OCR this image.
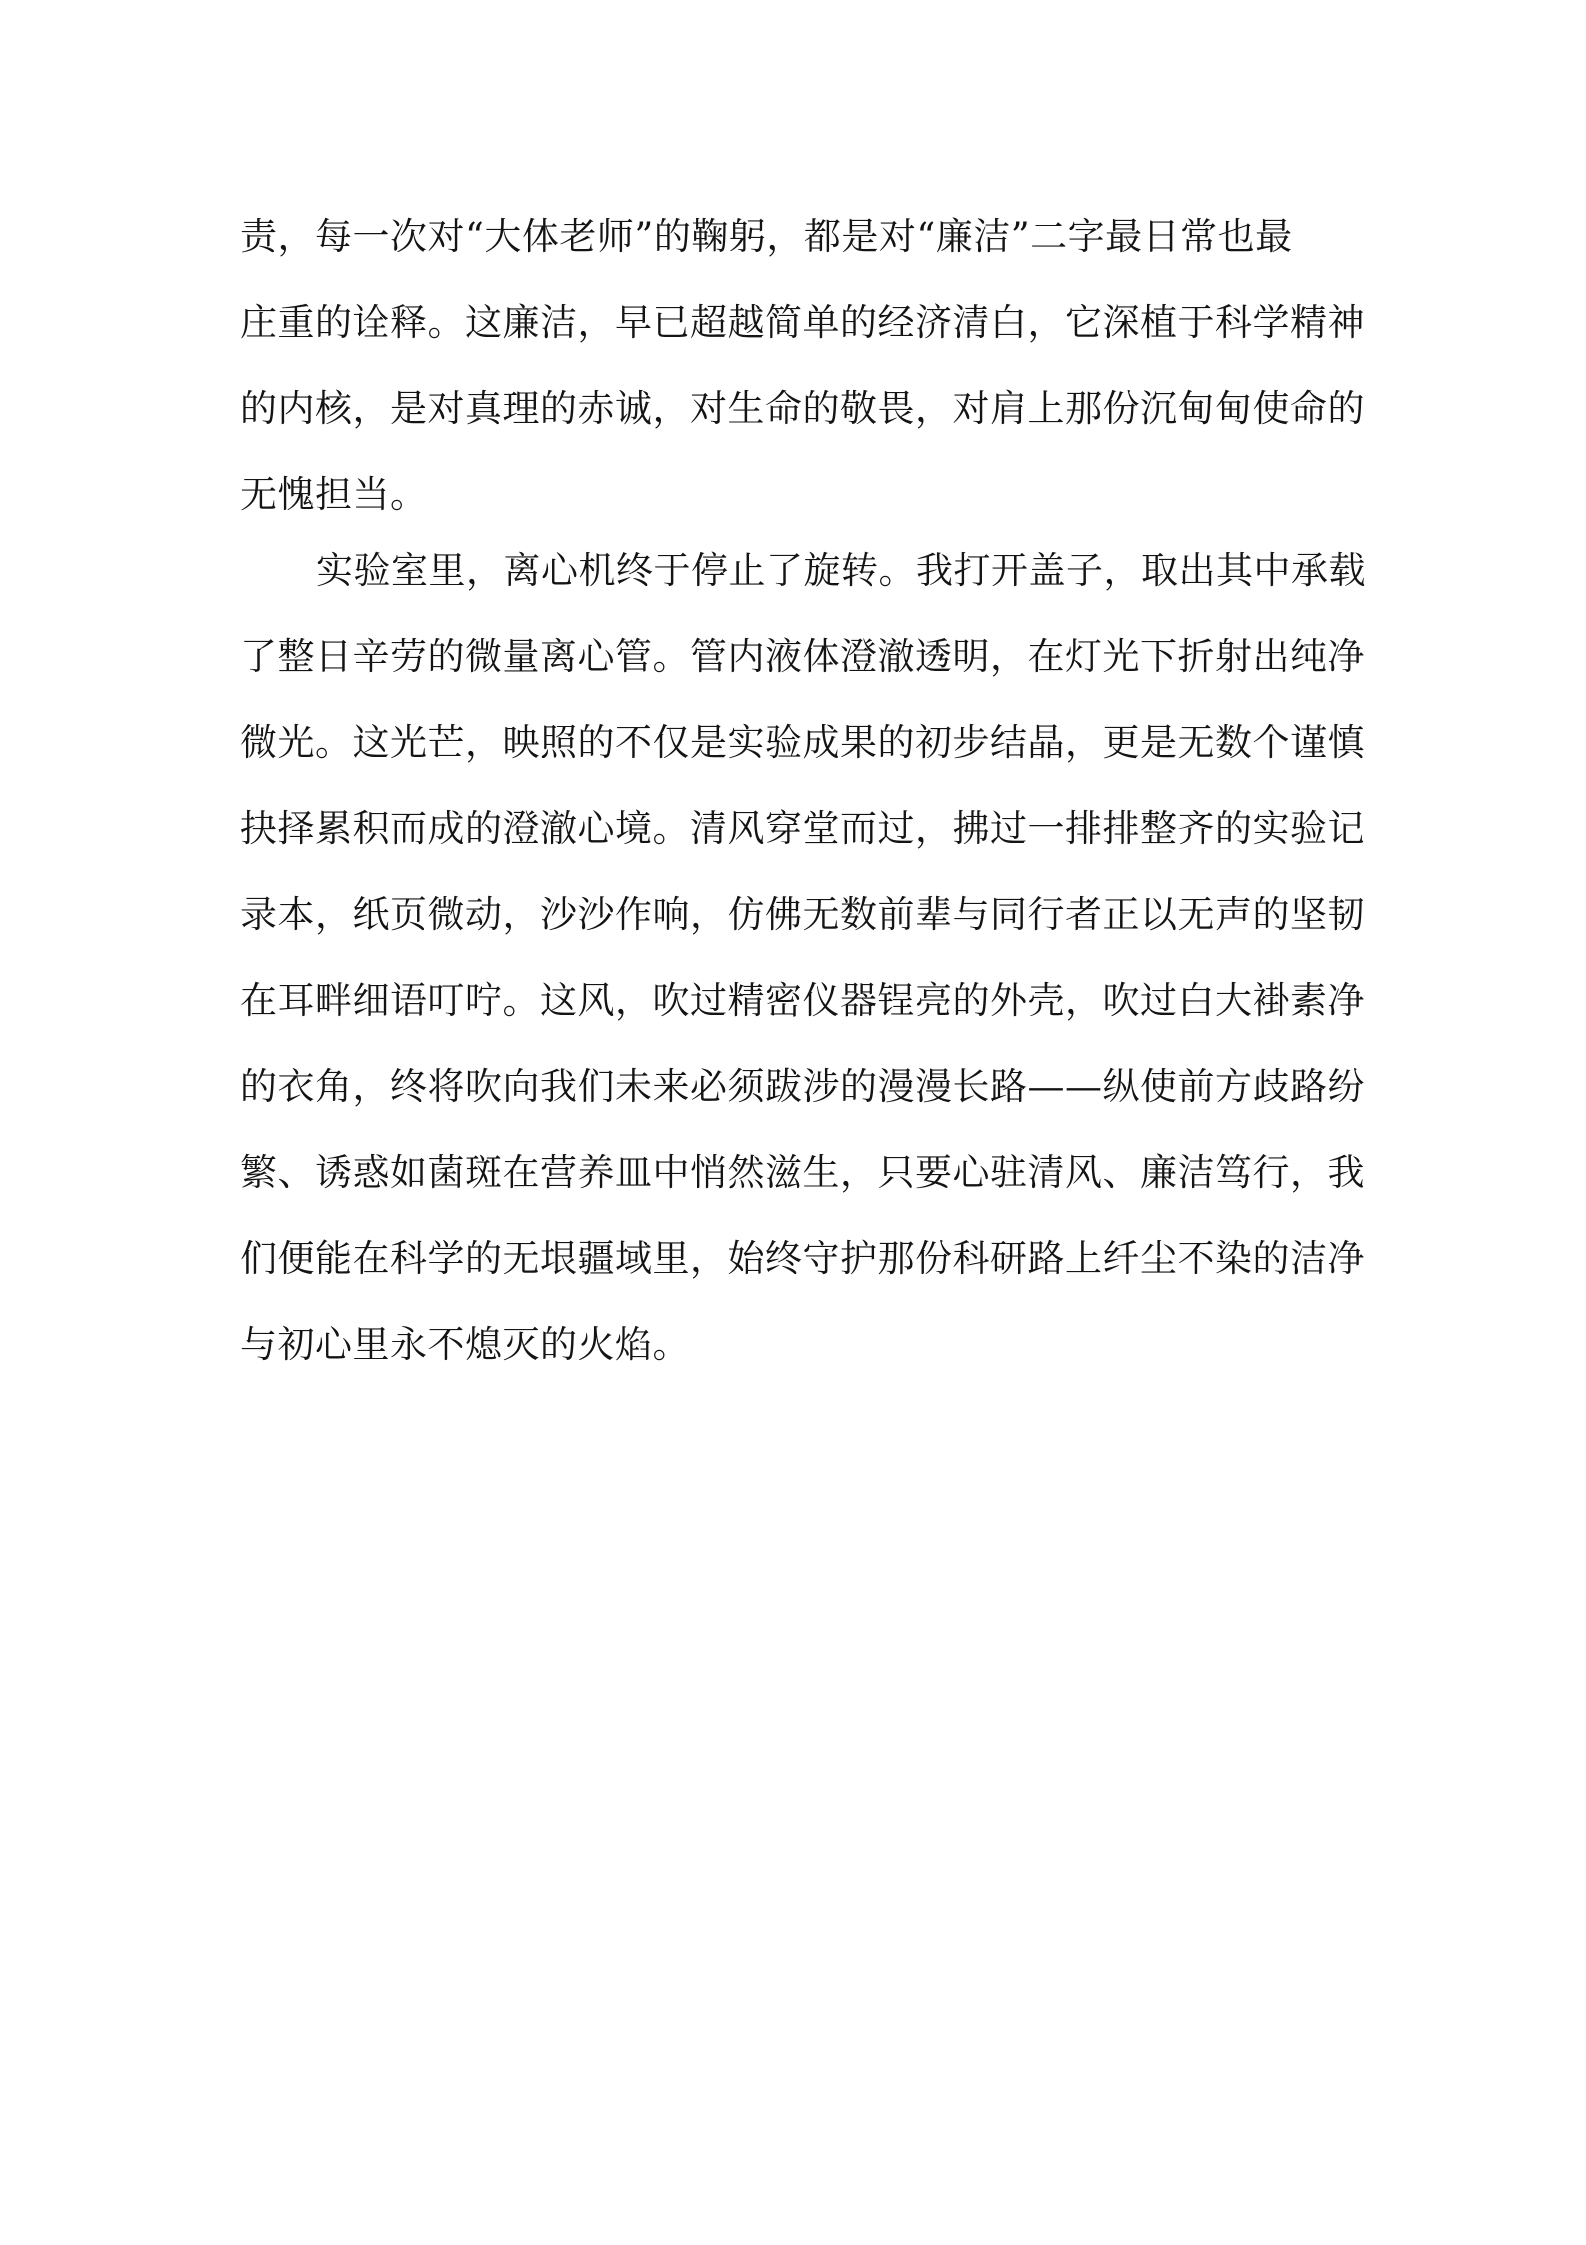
责，每一次对“大体老师”的鞠躬，都是对“廉洁”二字最日常也最
庄重的诠释。这廉洁，早已超越简单的经济清白，它深植于科学精神
的内核，是对真理的赤诚，对生命的敬畏，对肩上那份沉甸甸使命的
无愧担当。
实验室里，离心机终于停止了旋转。我打开盖子，取出其中承载
了整日辛劳的微量离心管。管内液体澄澈透明，在灯光下折射出纯净
微光。这光芒，映照的不仅是实验成果的初步结晶，更是无数个谨慎
抉择累积而成的澄澈心境。清风穿堂而过，拂过一排排整齐的实验记
录本，纸页微动，沙沙作响，仿佛无数前辈与同行者正以无声的坚韧
在耳畔细语叮咛。这风，吹过精密仪器锃亮的外壳，吹过白大褂素净
的衣角，终将吹向我们未来必须跋涉的漫漫长路——纵使前方歧路纷
繁、诱惑如菌斑在营养皿中悄然滋生，只要心驻清风、廉洁笃行，我
们便能在科学的无垠疆域里，始终守护那份科研路上纤尘不染的洁净
与初心里永不熄灭的火焰。
